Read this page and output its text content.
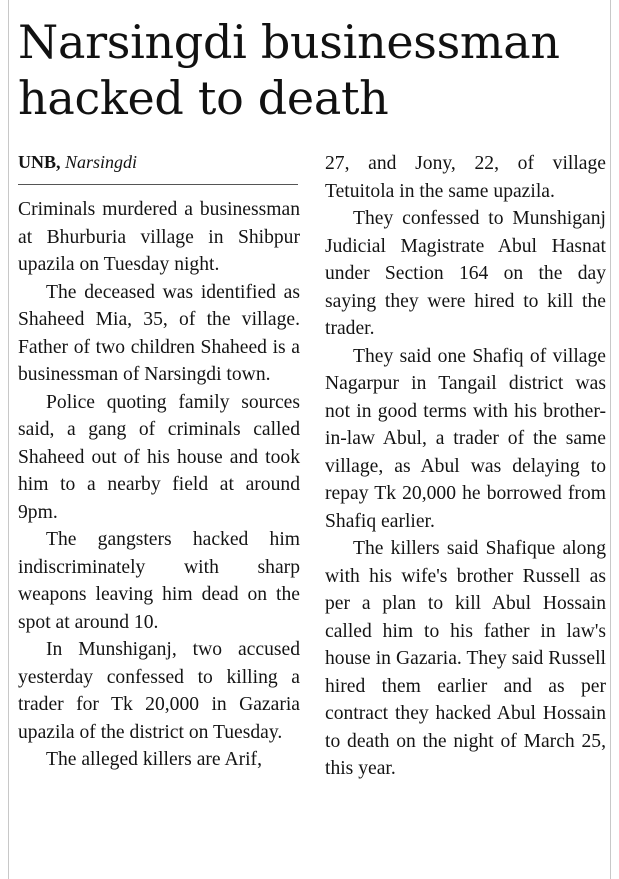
Narsingdi businessman hacked to death
UNB, Narsingdi

Criminals murdered a businessman at Bhurburia village in Shibpur upazila on Tuesday night.

The deceased was identified as Shaheed Mia, 35, of the village. Father of two children Shaheed is a businessman of Narsingdi town.

Police quoting family sources said, a gang of criminals called Shaheed out of his house and took him to a nearby field at around 9pm.

The gangsters hacked him indiscriminately with sharp weapons leaving him dead on the spot at around 10.

In Munshiganj, two accused yesterday confessed to killing a trader for Tk 20,000 in Gazaria upazila of the district on Tuesday.

The alleged killers are Arif,

27, and Jony, 22, of village Tetuitola in the same upazila.

They confessed to Munshiganj Judicial Magistrate Abul Hasnat under Section 164 on the day saying they were hired to kill the trader.

They said one Shafiq of village Nagarpur in Tangail district was not in good terms with his brother-in-law Abul, a trader of the same village, as Abul was delaying to repay Tk 20,000 he borrowed from Shafiq earlier.

The killers said Shafique along with his wife's brother Russell as per a plan to kill Abul Hossain called him to his father in law's house in Gazaria. They said Russell hired them earlier and as per contract they hacked Abul Hossain to death on the night of March 25, this year.
